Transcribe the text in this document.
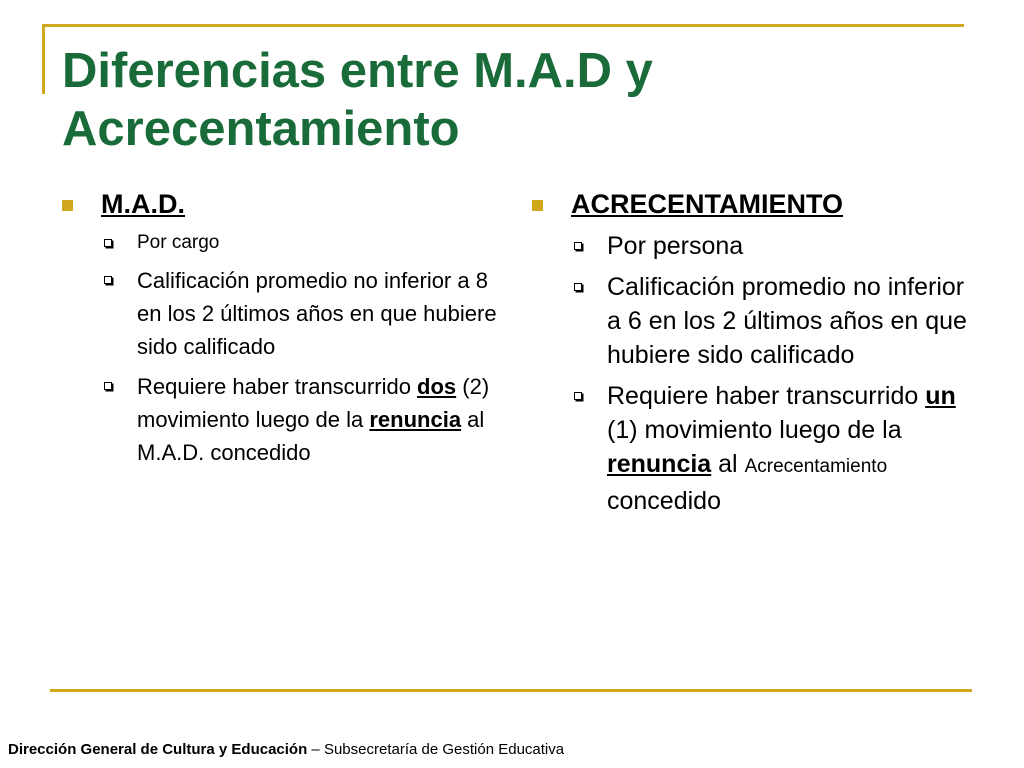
Diferencias entre M.A.D y Acrecentamiento
M.A.D.
Por cargo
Calificación promedio no inferior a 8 en los 2 últimos años en que hubiere sido calificado
Requiere haber transcurrido dos (2) movimiento luego de la renuncia al M.A.D. concedido
ACRECENTAMIENTO
Por persona
Calificación promedio no inferior a 6 en los 2 últimos años en que hubiere sido calificado
Requiere haber transcurrido un (1) movimiento luego de la renuncia al Acrecentamiento concedido
Dirección General de Cultura y Educación – Subsecretaría de Gestión Educativa
